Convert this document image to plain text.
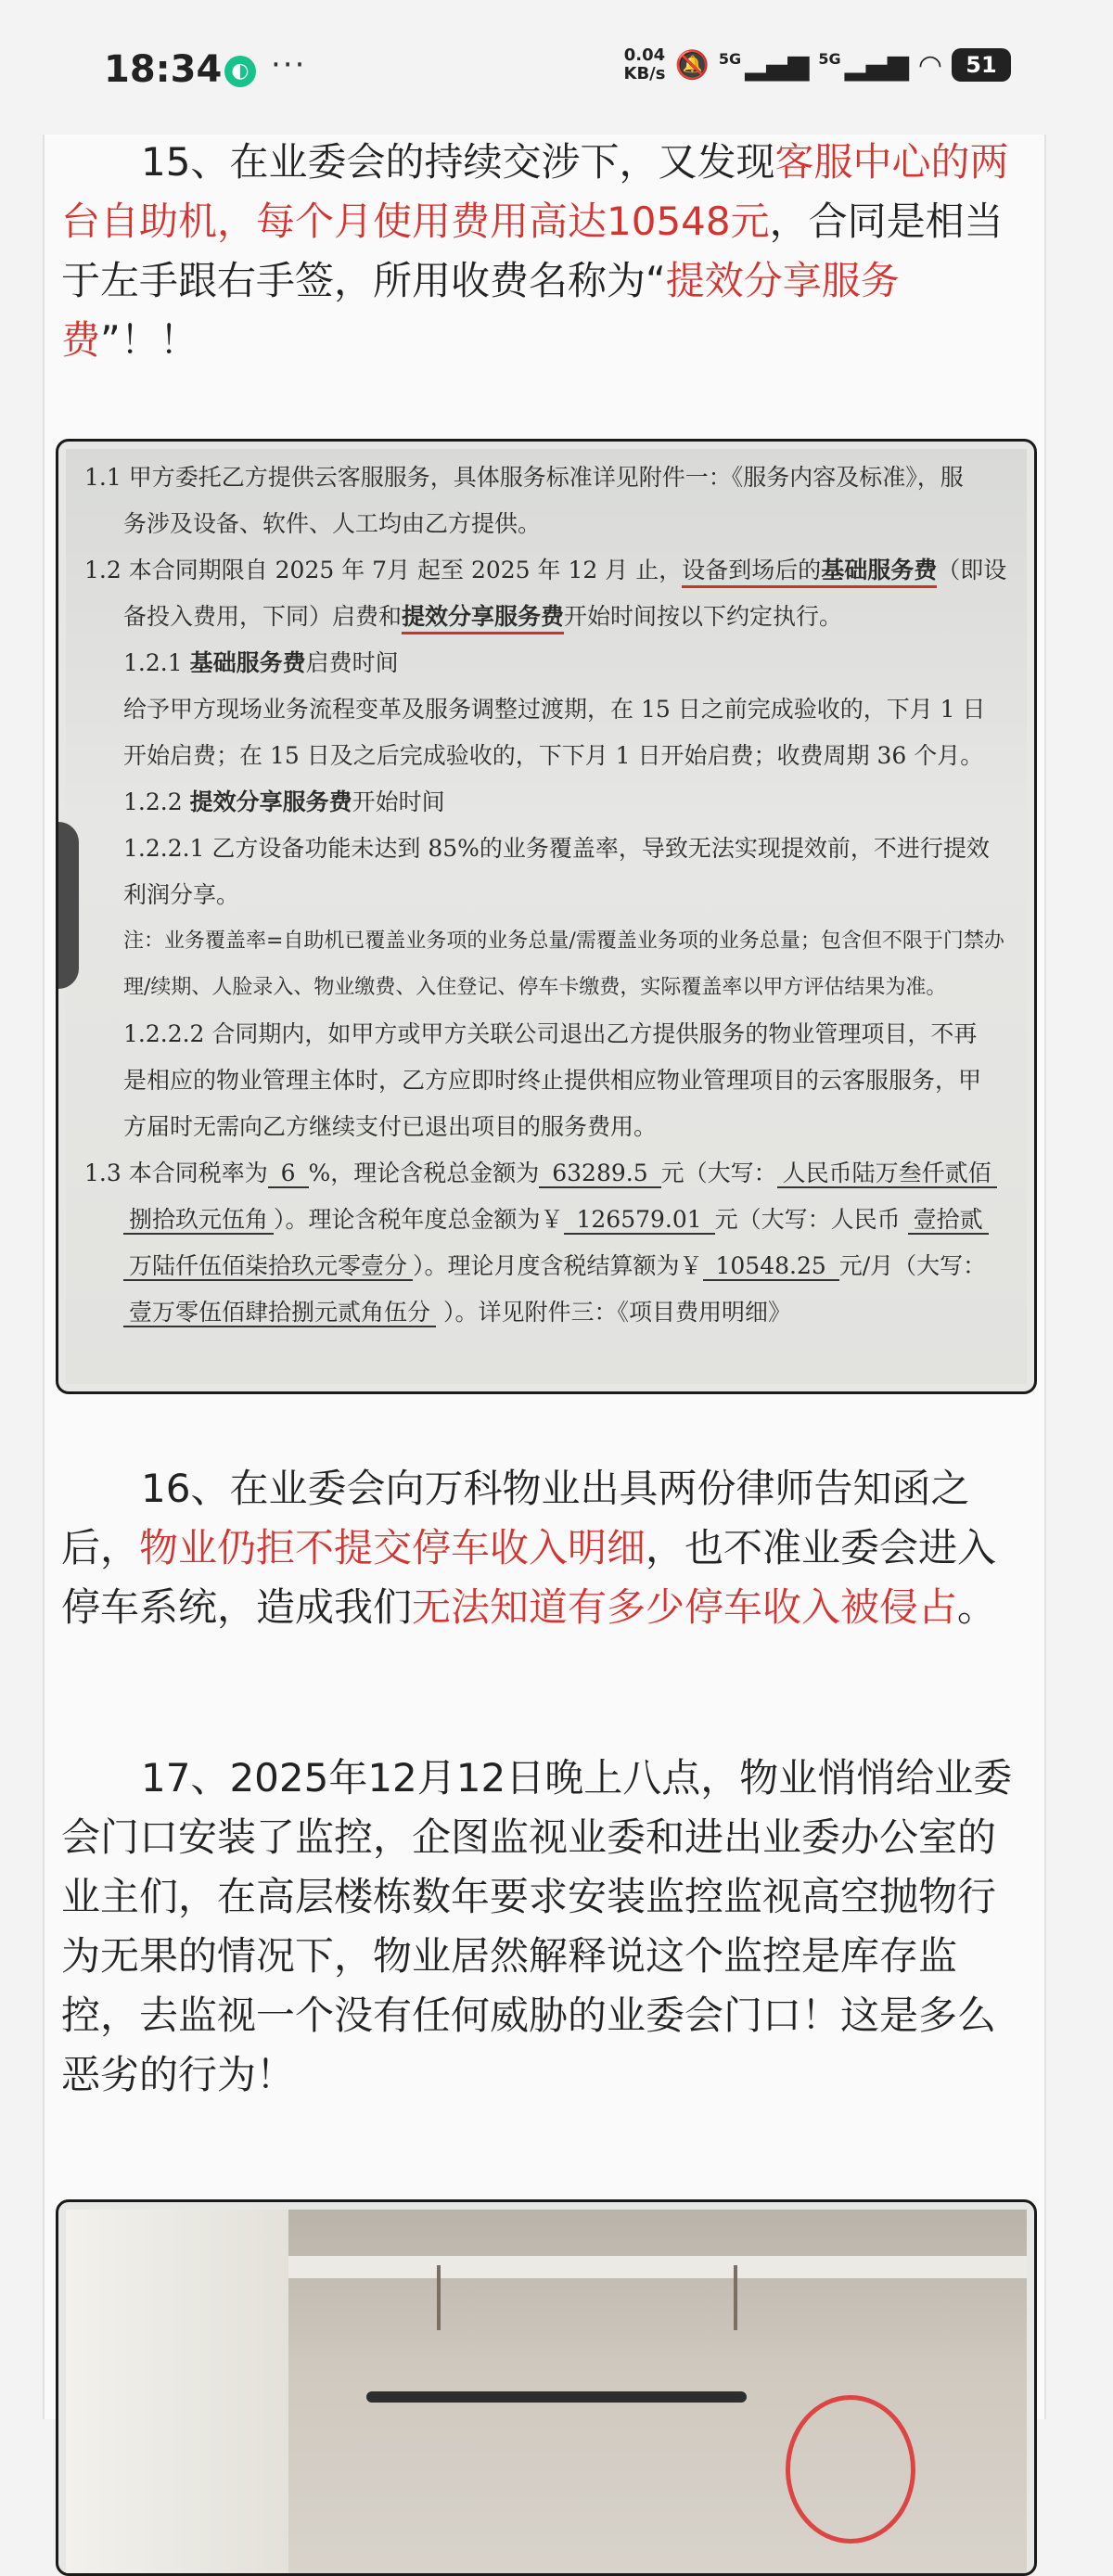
18:34 ◐ ···	0.04
KB/s 🔕 5G ▂▄▆ 5G ▂▄▆ ◠	51
15、在业委会的持续交涉下，又发现客服中心的两台自助机，每个月使用费用高达10548元，合同是相当于左手跟右手签，所用收费名称为“提效分享服务费”！！
1.1 甲方委托乙方提供云客服服务，具体服务标准详见附件一：《服务内容及标准》，服
务涉及设备、软件、人工均由乙方提供。
1.2 本合同期限自 2025 年 7月 起至 2025 年 12 月 止，设备到场后的基础服务费（即设
备投入费用，下同）启费和提效分享服务费开始时间按以下约定执行。
1.2.1 基础服务费启费时间
给予甲方现场业务流程变革及服务调整过渡期，在 15 日之前完成验收的，下月 1 日
开始启费；在 15 日及之后完成验收的，下下月 1 日开始启费；收费周期 36 个月。
1.2.2 提效分享服务费开始时间
1.2.2.1 乙方设备功能未达到 85%的业务覆盖率，导致无法实现提效前，不进行提效
利润分享。
注：业务覆盖率=自助机已覆盖业务项的业务总量/需覆盖业务项的业务总量；包含但不限于门禁办
理/续期、人脸录入、物业缴费、入住登记、停车卡缴费，实际覆盖率以甲方评估结果为准。
1.2.2.2 合同期内，如甲方或甲方关联公司退出乙方提供服务的物业管理项目，不再
是相应的物业管理主体时，乙方应即时终止提供相应物业管理项目的云客服服务，甲
方届时无需向乙方继续支付已退出项目的服务费用。
1.3 本合同税率为 6 %，理论含税总金额为 63289.5 元（大写： 人民币陆万叁仟贰佰
捌拾玖元伍角 ）。理论含税年度总金额为￥ 126579.01 元（大写：人民币 壹拾贰
万陆仟伍佰柒拾玖元零壹分 ）。理论月度含税结算额为￥ 10548.25 元/月（大写：
壹万零伍佰肆拾捌元贰角伍分 ）。详见附件三：《项目费用明细》
16、在业委会向万科物业出具两份律师告知函之后，物业仍拒不提交停车收入明细，也不准业委会进入停车系统，造成我们无法知道有多少停车收入被侵占。
17、2025年12月12日晚上八点，物业悄悄给业委会门口安装了监控，企图监视业委和进出业委办公室的业主们，在高层楼栋数年要求安装监控监视高空抛物行为无果的情况下，物业居然解释说这个监控是库存监控，去监视一个没有任何威胁的业委会门口！这是多么恶劣的行为！
